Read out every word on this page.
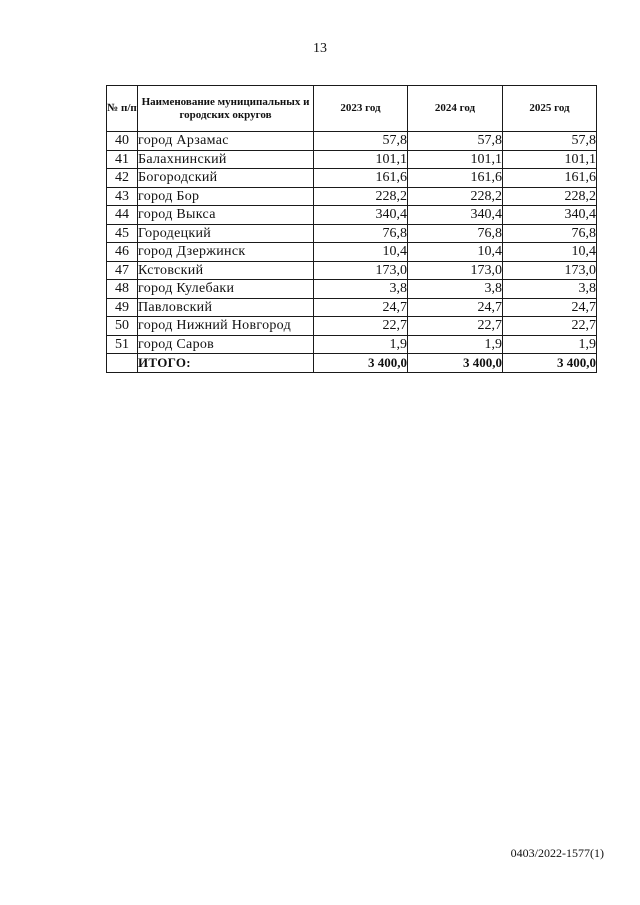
13
№ п/п	Наименование муниципальных и городских округов	2023 год	2024 год	2025 год
40	город Арзамас	57,8	57,8	57,8
41	Балахнинский	101,1	101,1	101,1
42	Богородский	161,6	161,6	161,6
43	город Бор	228,2	228,2	228,2
44	город Выкса	340,4	340,4	340,4
45	Городецкий	76,8	76,8	76,8
46	город Дзержинск	10,4	10,4	10,4
47	Кстовский	173,0	173,0	173,0
48	город Кулебаки	3,8	3,8	3,8
49	Павловский	24,7	24,7	24,7
50	город Нижний Новгород	22,7	22,7	22,7
51	город Саров	1,9	1,9	1,9
	ИТОГО:	3 400,0	3 400,0	3 400,0
0403/2022-1577(1)
